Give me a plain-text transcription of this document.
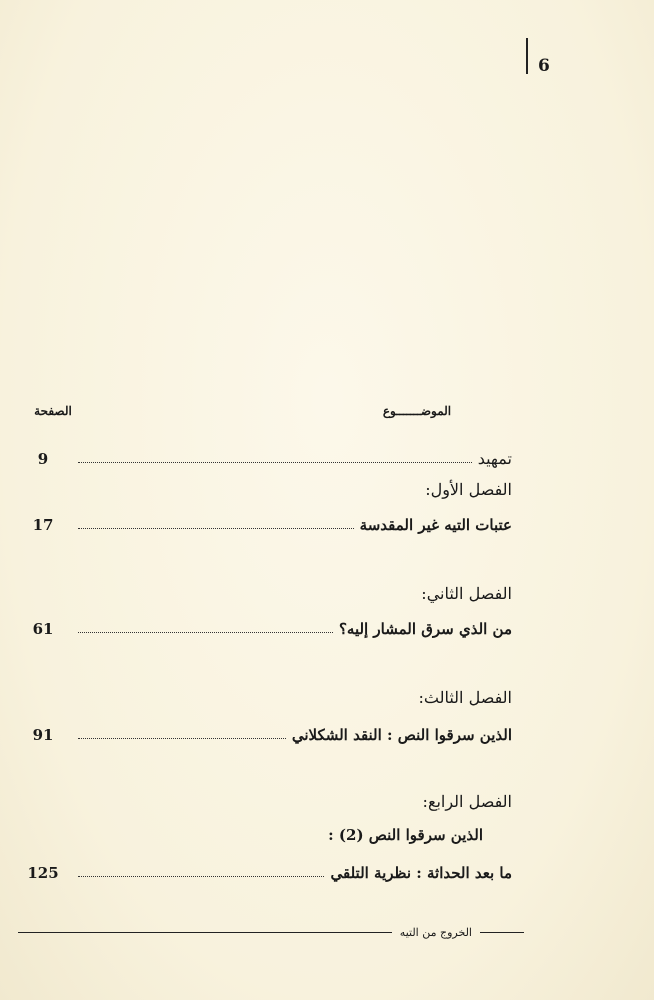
6
الموضـــــــوع
الصفحة
تمهيد
9
الفصل الأول:
عتبات التيه غير المقدسة
17
الفصل الثاني:
من الذي سرق المشار إليه؟
61
الفصل الثالث:
الذين سرقوا النص : النقد الشكلاني
91
الفصل الرابع:
الذين سرقوا النص (2) :
ما بعد الحداثة : نظرية التلقي
125
الخروج من التيه
